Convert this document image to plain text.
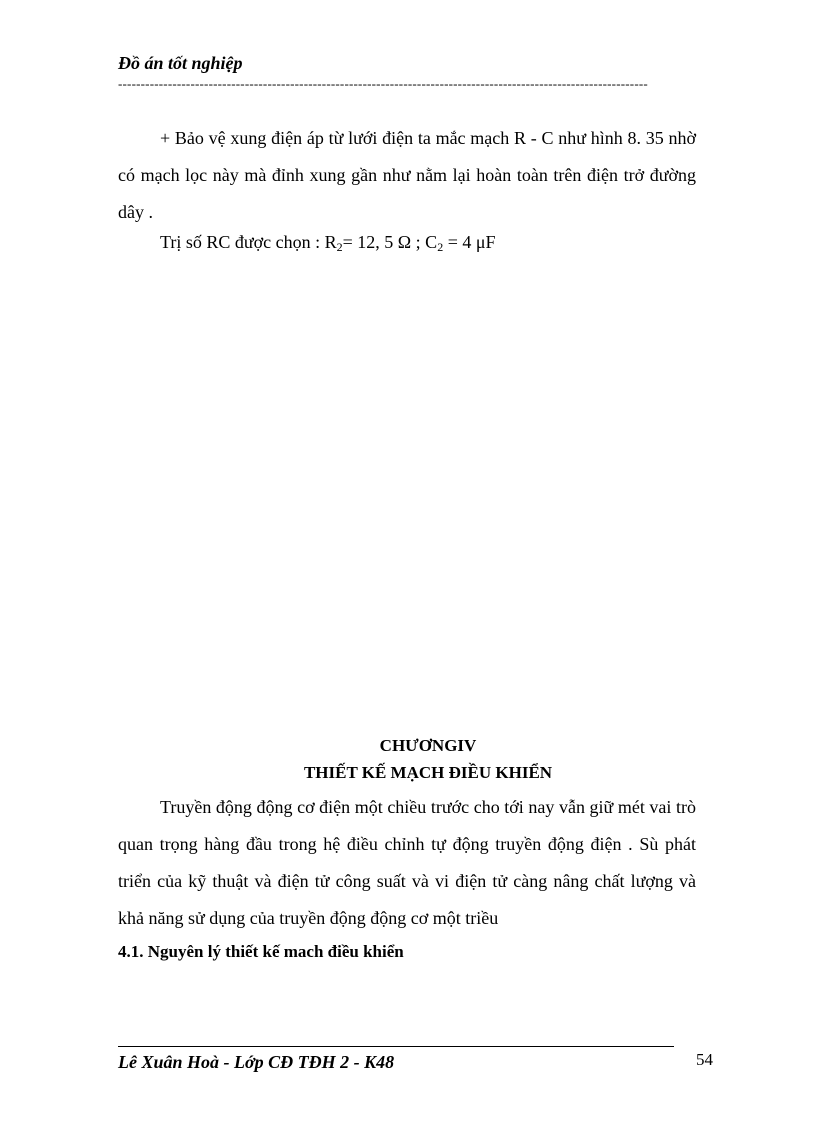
Đồ án tốt nghiệp
---------------------------------------------------------------------------------------------------------------------

+ Bảo vệ xung điện áp từ lưới điện ta mắc mạch R - C như hình 8. 35 nhờ có mạch lọc này mà đỉnh xung gần như nằm lại hoàn toàn trên điện trở đường dây .

Trị số RC được chọn : $R_2= 12$, 5 Ω ; $C_2 = 4$ μF

CHƯƠNGIV
THIẾT KẾ MẠCH ĐIỀU KHIỂN

Truyền động động cơ điện một chiều trước cho tới nay vẫn giữ mét vai trò quan trọng hàng đầu trong hệ điều chỉnh tự động truyền động điện . Sù phát triển của kỹ thuật và điện tử công suất và vi điện tử càng nâng chất lượng và khả năng sử dụng của truyền động động cơ một triều

4.1. Nguyên lý thiết kế mach điều khiển
Lê Xuân Hoà - Lớp CĐ TĐH 2 - K48	54
